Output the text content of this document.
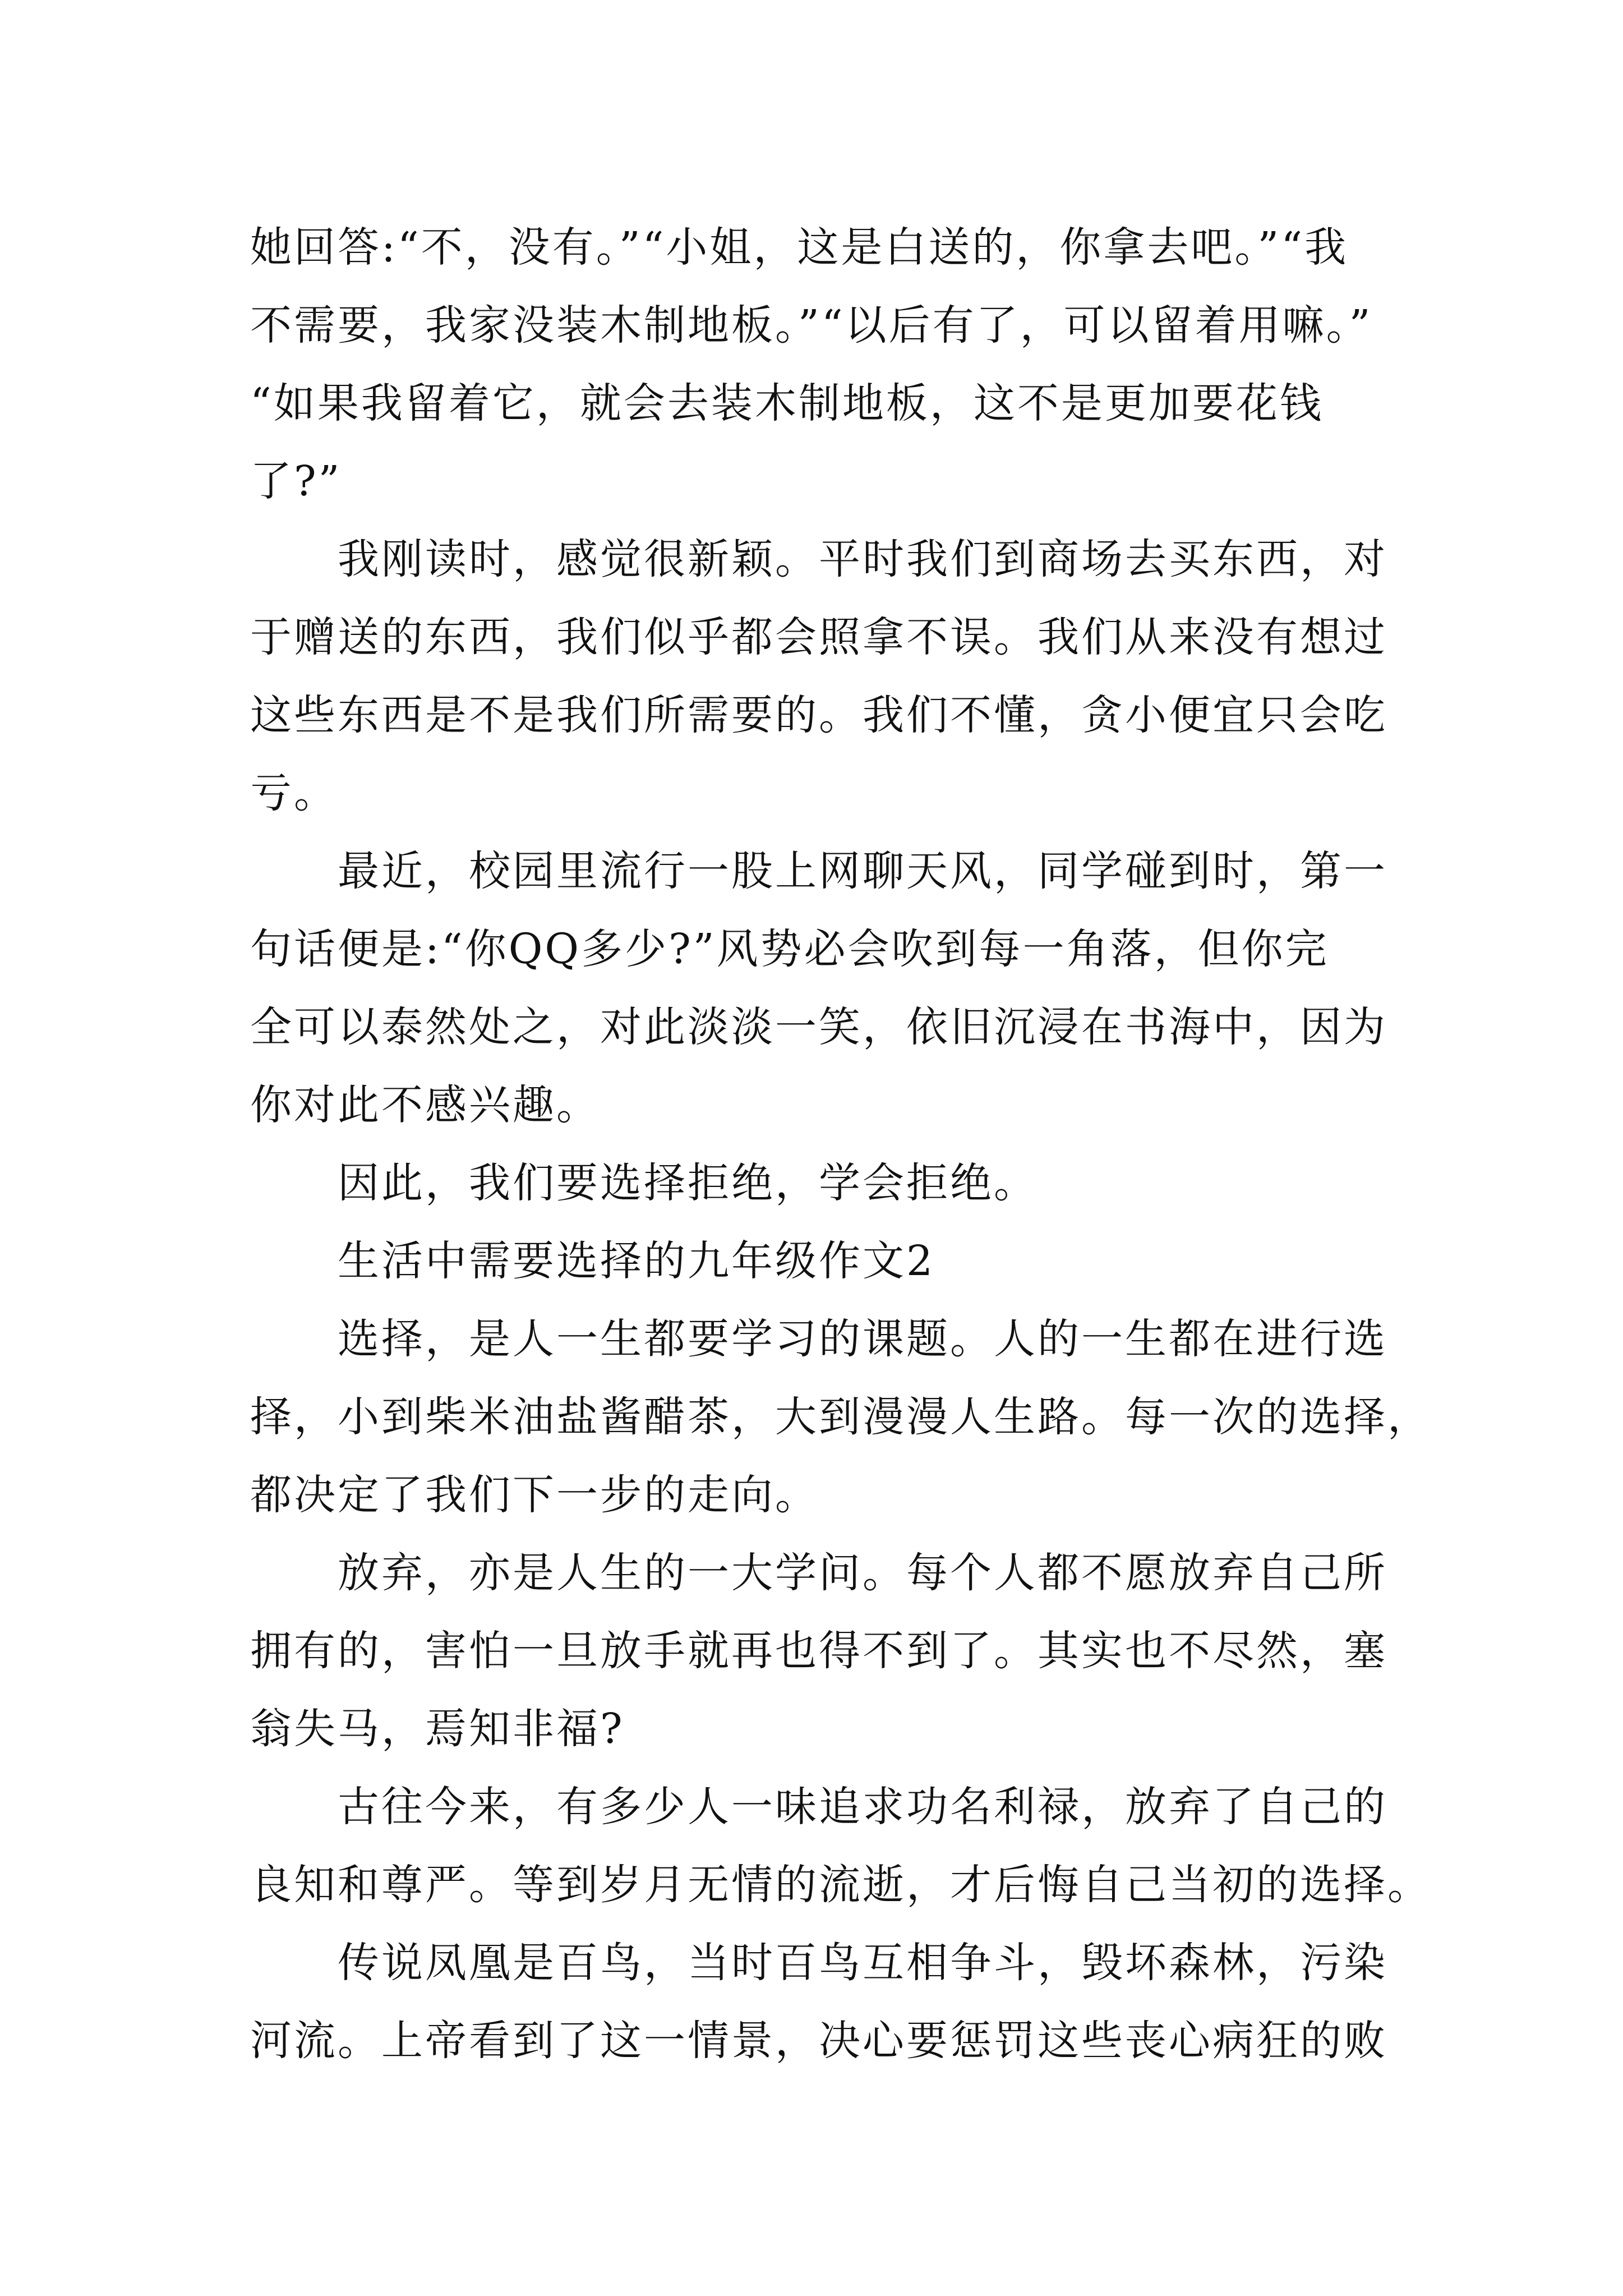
她回答:“不，没有。”“小姐，这是白送的，你拿去吧。”“我
不需要，我家没装木制地板。”“以后有了，可以留着用嘛。”
“如果我留着它，就会去装木制地板，这不是更加要花钱
了?”
我刚读时，感觉很新颖。平时我们到商场去买东西，对
于赠送的东西，我们似乎都会照拿不误。我们从来没有想过
这些东西是不是我们所需要的。我们不懂，贪小便宜只会吃
亏。
最近，校园里流行一股上网聊天风，同学碰到时，第一
句话便是:“你QQ多少?”风势必会吹到每一角落，但你完
全可以泰然处之，对此淡淡一笑，依旧沉浸在书海中，因为
你对此不感兴趣。
因此，我们要选择拒绝，学会拒绝。
生活中需要选择的九年级作文2
选择，是人一生都要学习的课题。人的一生都在进行选
择，小到柴米油盐酱醋茶，大到漫漫人生路。每一次的选择，
都决定了我们下一步的走向。
放弃，亦是人生的一大学问。每个人都不愿放弃自己所
拥有的，害怕一旦放手就再也得不到了。其实也不尽然，塞
翁失马，焉知非福?
古往今来，有多少人一味追求功名利禄，放弃了自己的
良知和尊严。等到岁月无情的流逝，才后悔自己当初的选择。
传说凤凰是百鸟，当时百鸟互相争斗，毁坏森林，污染
河流。上帝看到了这一情景，决心要惩罚这些丧心病狂的败
